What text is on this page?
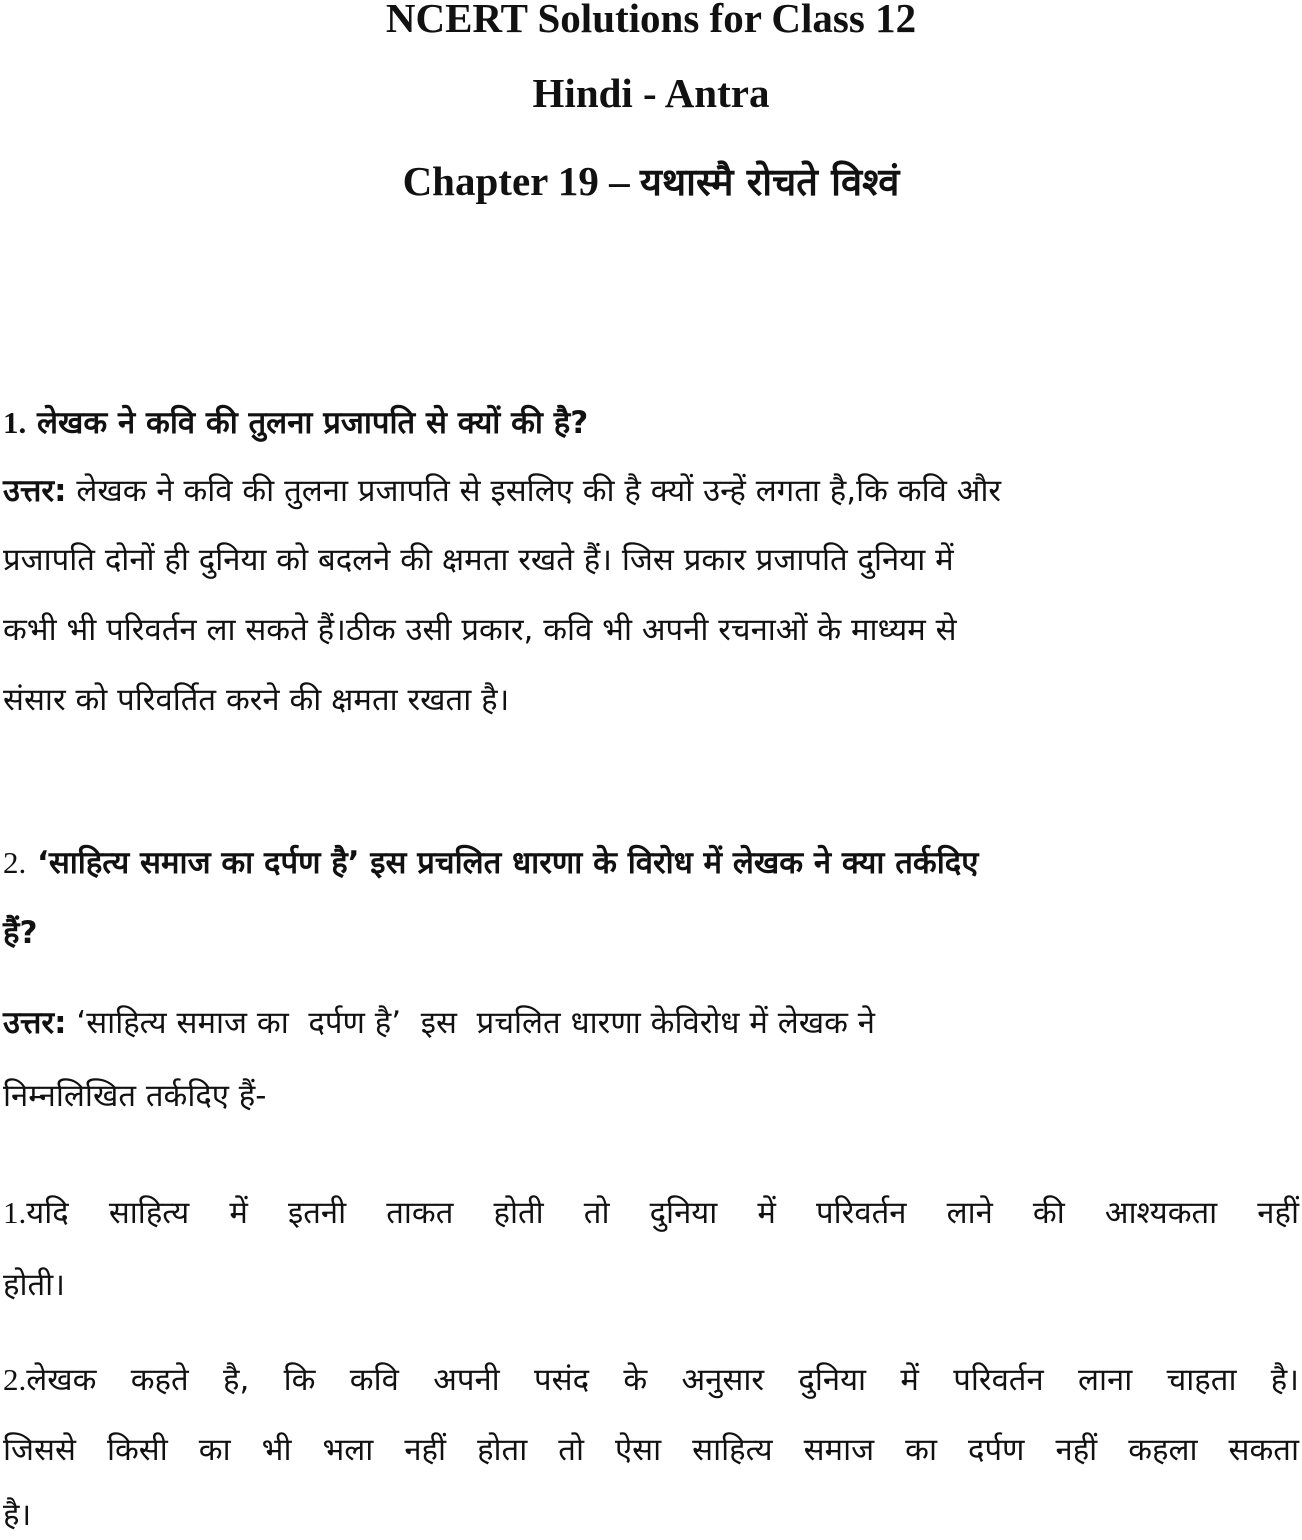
NCERT Solutions for Class 12
Hindi - Antra
Chapter 19 – यथास्मै रोचते विश्वं
1. लेखक ने कवि की तुलना प्रजापति से क्यों की है?
उत्तर: लेखक ने कवि की तुलना प्रजापति से इसलिए की है क्यों उन्हें लगता है,कि कवि और
प्रजापति दोनों ही दुनिया को बदलने की क्षमता रखते हैं। जिस प्रकार प्रजापति दुनिया में
कभी भी परिवर्तन ला सकते हैं।ठीक उसी प्रकार, कवि भी अपनी रचनाओं के माध्यम से
संसार को परिवर्तित करने की क्षमता रखता है।
2. ‘साहित्य समाज का दर्पण है’ इस प्रचलित धारणा के विरोध में लेखक ने क्या तर्कदिए
हैं?
उत्तर: ‘साहित्य समाज का  दर्पण है’  इस  प्रचलित धारणा केविरोध में लेखक ने
निम्नलिखित तर्कदिए हैं-
1.यदि साहित्य में इतनी ताकत होती तो दुनिया में परिवर्तन लाने की आश्यकता नहीं
होती।
2.लेखक कहते है, कि कवि अपनी पसंद के अनुसार दुनिया में परिवर्तन लाना चाहता है।
जिससे किसी का भी भला नहीं होता तो ऐसा साहित्य समाज का दर्पण नहीं कहला सकता
है।
